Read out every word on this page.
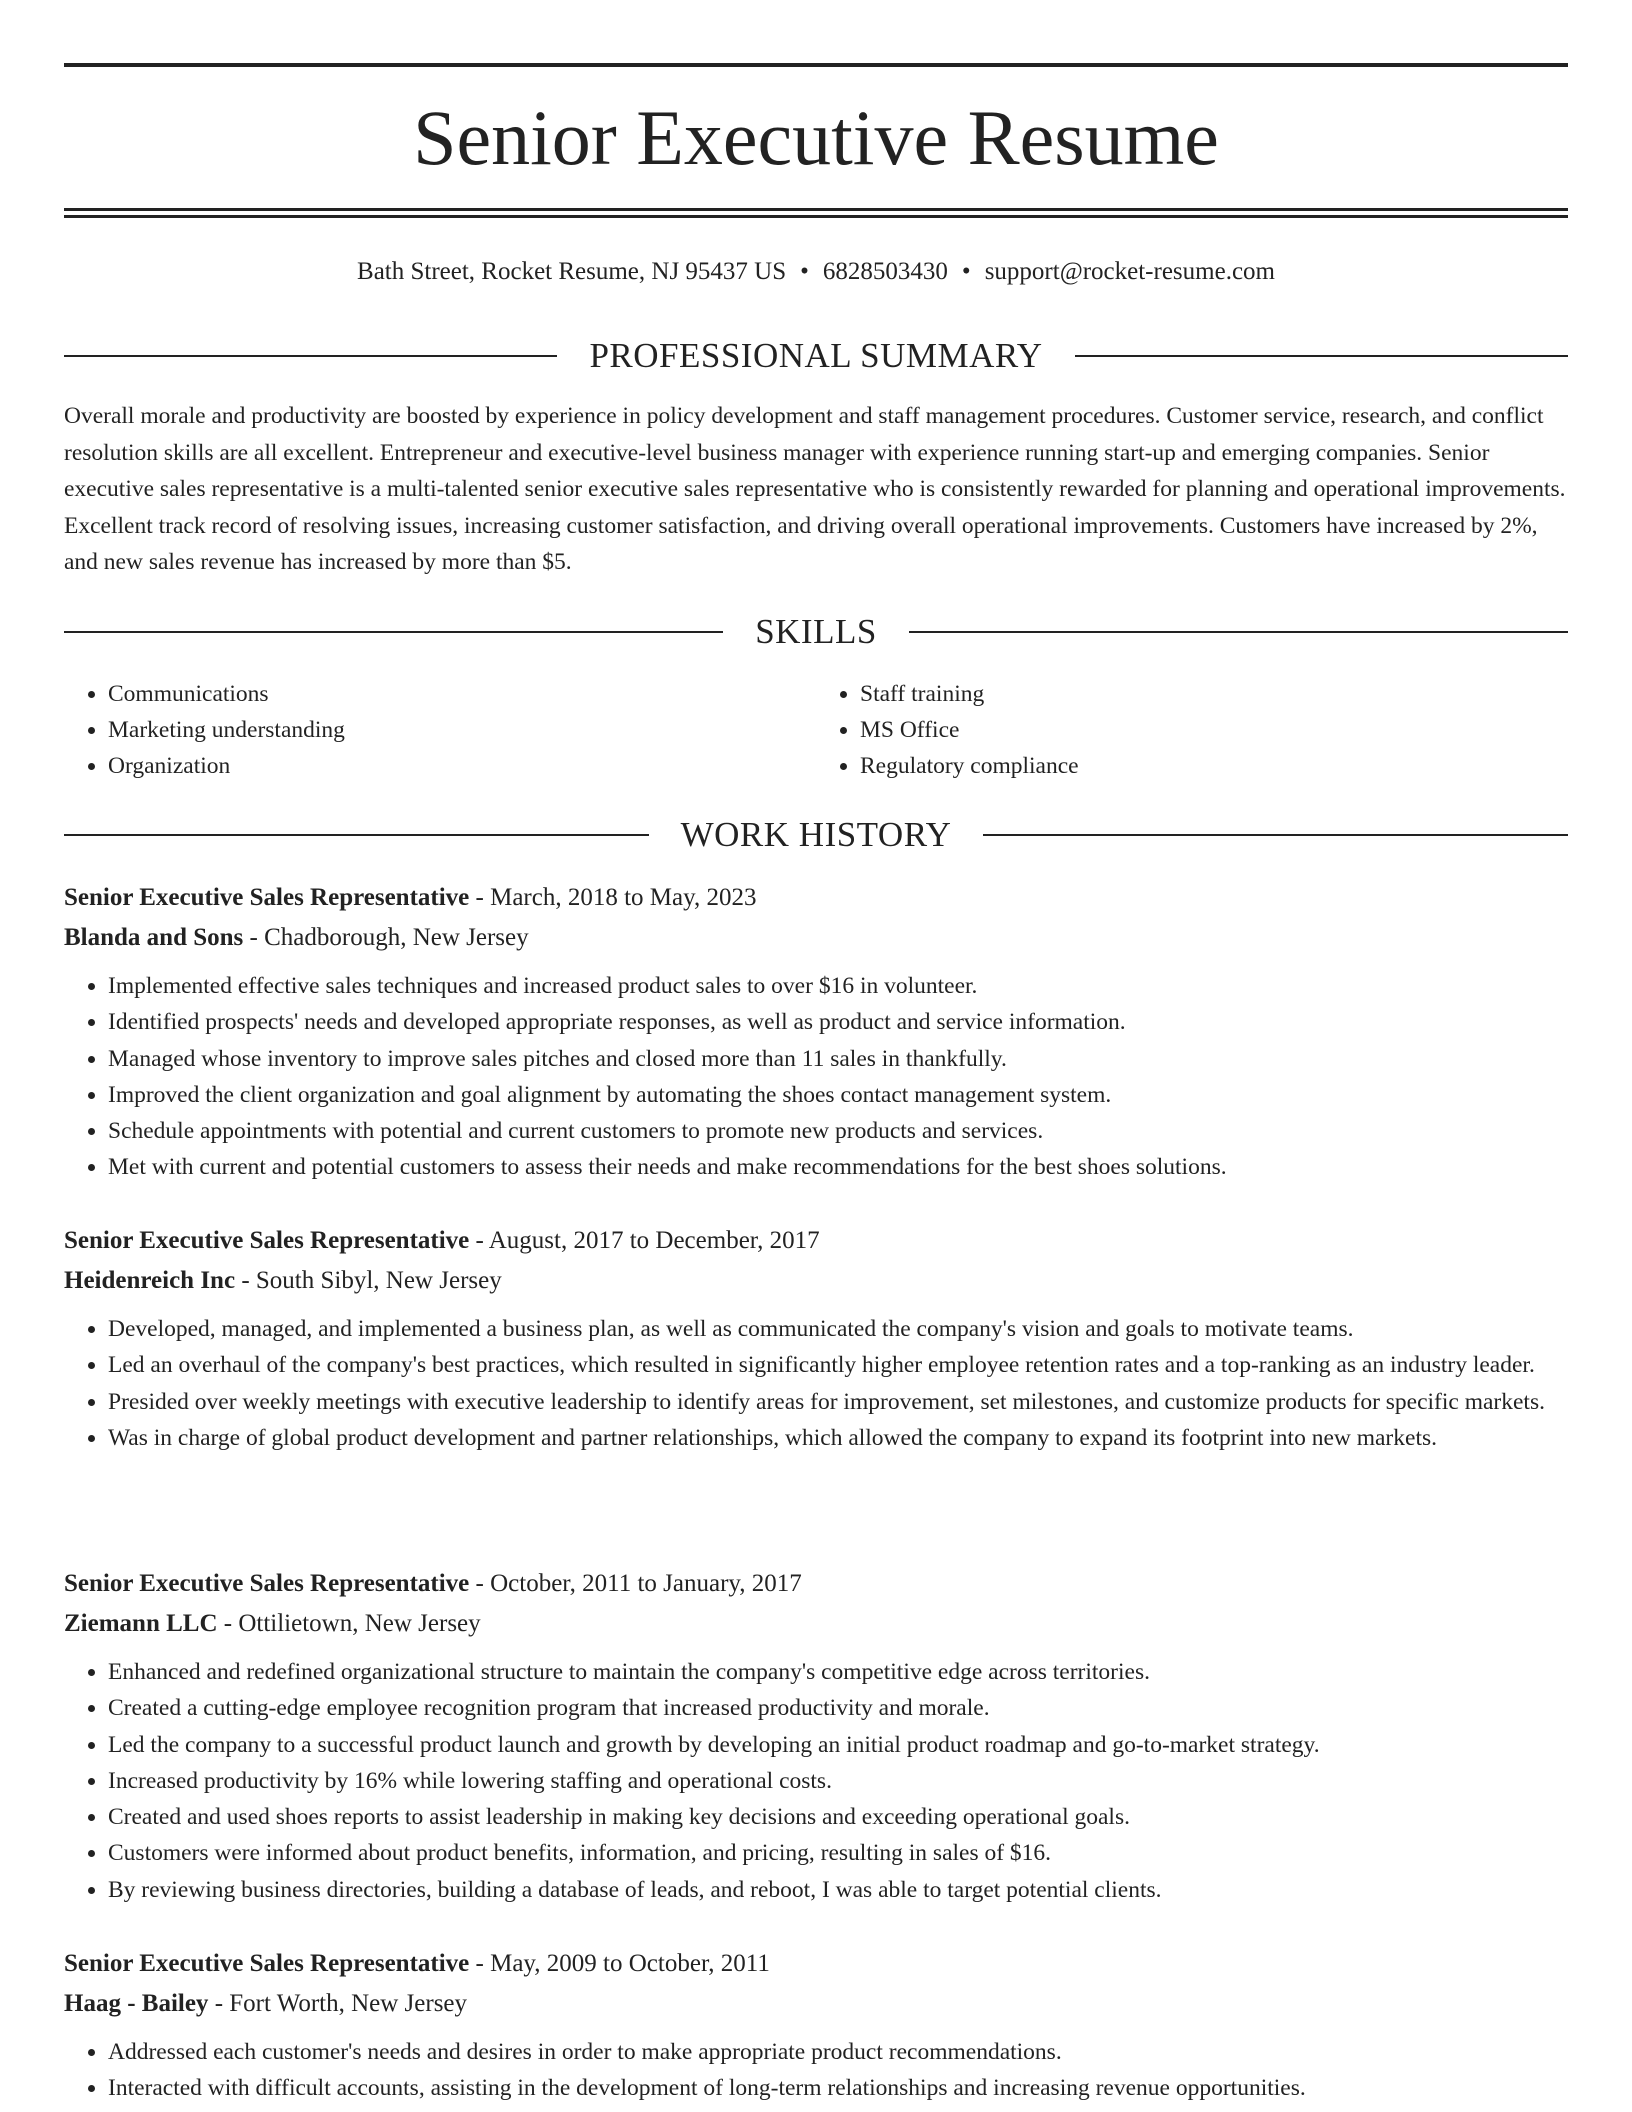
Senior Executive Resume
Bath Street, Rocket Resume, NJ 95437 US • 6828503430 • support@rocket-resume.com
PROFESSIONAL SUMMARY

Overall morale and productivity are boosted by experience in policy development and staff management procedures. Customer service, research, and conflict resolution skills are all excellent. Entrepreneur and executive-level business manager with experience running start-up and emerging companies. Senior executive sales representative is a multi-talented senior executive sales representative who is consistently rewarded for planning and operational improvements. Excellent track record of resolving issues, increasing customer satisfaction, and driving overall operational improvements. Customers have increased by 2%, and new sales revenue has increased by more than $5.

SKILLS
• Communications
• Marketing understanding
• Organization
• Staff training
• MS Office
• Regulatory compliance
WORK HISTORY
Senior Executive Sales Representative - March, 2018 to May, 2023
Blanda and Sons - Chadborough, New Jersey
• Implemented effective sales techniques and increased product sales to over $16 in volunteer.
• Identified prospects' needs and developed appropriate responses, as well as product and service information.
• Managed whose inventory to improve sales pitches and closed more than 11 sales in thankfully.
• Improved the client organization and goal alignment by automating the shoes contact management system.
• Schedule appointments with potential and current customers to promote new products and services.
• Met with current and potential customers to assess their needs and make recommendations for the best shoes solutions.
Senior Executive Sales Representative - August, 2017 to December, 2017
Heidenreich Inc - South Sibyl, New Jersey
• Developed, managed, and implemented a business plan, as well as communicated the company's vision and goals to motivate teams.
• Led an overhaul of the company's best practices, which resulted in significantly higher employee retention rates and a top-ranking as an industry leader.
• Presided over weekly meetings with executive leadership to identify areas for improvement, set milestones, and customize products for specific markets.
• Was in charge of global product development and partner relationships, which allowed the company to expand its footprint into new markets.
Senior Executive Sales Representative - October, 2011 to January, 2017
Ziemann LLC - Ottilietown, New Jersey
• Enhanced and redefined organizational structure to maintain the company's competitive edge across territories.
• Created a cutting-edge employee recognition program that increased productivity and morale.
• Led the company to a successful product launch and growth by developing an initial product roadmap and go-to-market strategy.
• Increased productivity by 16% while lowering staffing and operational costs.
• Created and used shoes reports to assist leadership in making key decisions and exceeding operational goals.
• Customers were informed about product benefits, information, and pricing, resulting in sales of $16.
• By reviewing business directories, building a database of leads, and reboot, I was able to target potential clients.
Senior Executive Sales Representative - May, 2009 to October, 2011
Haag - Bailey - Fort Worth, New Jersey
• Addressed each customer's needs and desires in order to make appropriate product recommendations.
• Interacted with difficult accounts, assisting in the development of long-term relationships and increasing revenue opportunities.
